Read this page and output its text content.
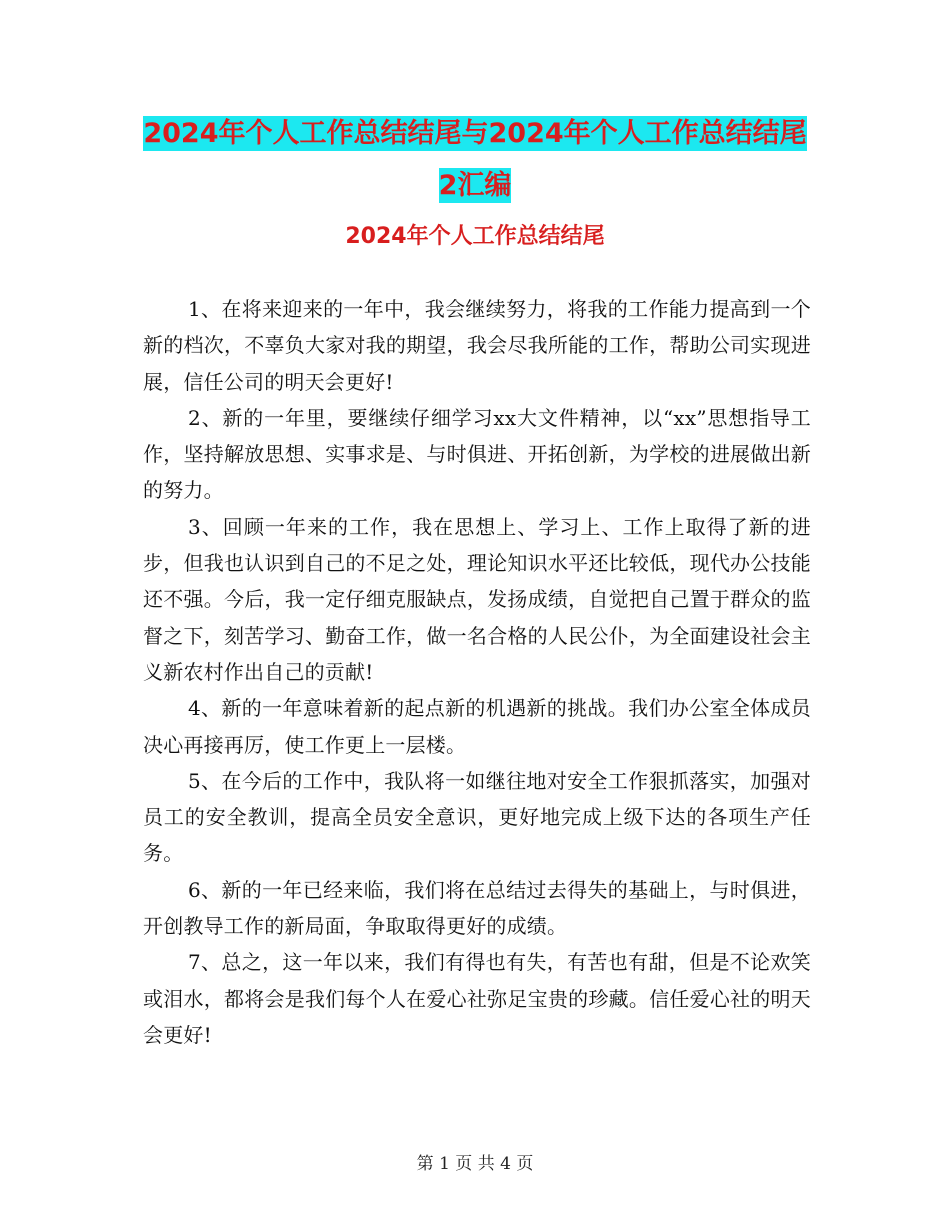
2024年个人工作总结结尾与2024年个人工作总结结尾
2汇编
2024年个人工作总结结尾

1、在将来迎来的一年中，我会继续努力，将我的工作能力提高到一个新的档次，不辜负大家对我的期望，我会尽我所能的工作，帮助公司实现进展，信任公司的明天会更好!

2、新的一年里，要继续仔细学习xx大文件精神，以“xx”思想指导工作，坚持解放思想、实事求是、与时俱进、开拓创新，为学校的进展做出新的努力。

3、回顾一年来的工作，我在思想上、学习上、工作上取得了新的进步，但我也认识到自己的不足之处，理论知识水平还比较低，现代办公技能还不强。今后，我一定仔细克服缺点，发扬成绩，自觉把自己置于群众的监督之下，刻苦学习、勤奋工作，做一名合格的人民公仆，为全面建设社会主义新农村作出自己的贡献!

4、新的一年意味着新的起点新的机遇新的挑战。我们办公室全体成员决心再接再厉，使工作更上一层楼。

5、在今后的工作中，我队将一如继往地对安全工作狠抓落实，加强对员工的安全教训，提高全员安全意识，更好地完成上级下达的各项生产任务。

6、新的一年已经来临，我们将在总结过去得失的基础上，与时俱进，开创教导工作的新局面，争取取得更好的成绩。

7、总之，这一年以来，我们有得也有失，有苦也有甜，但是不论欢笑或泪水，都将会是我们每个人在爱心社弥足宝贵的珍藏。信任爱心社的明天会更好!

第 1 页 共 4 页
